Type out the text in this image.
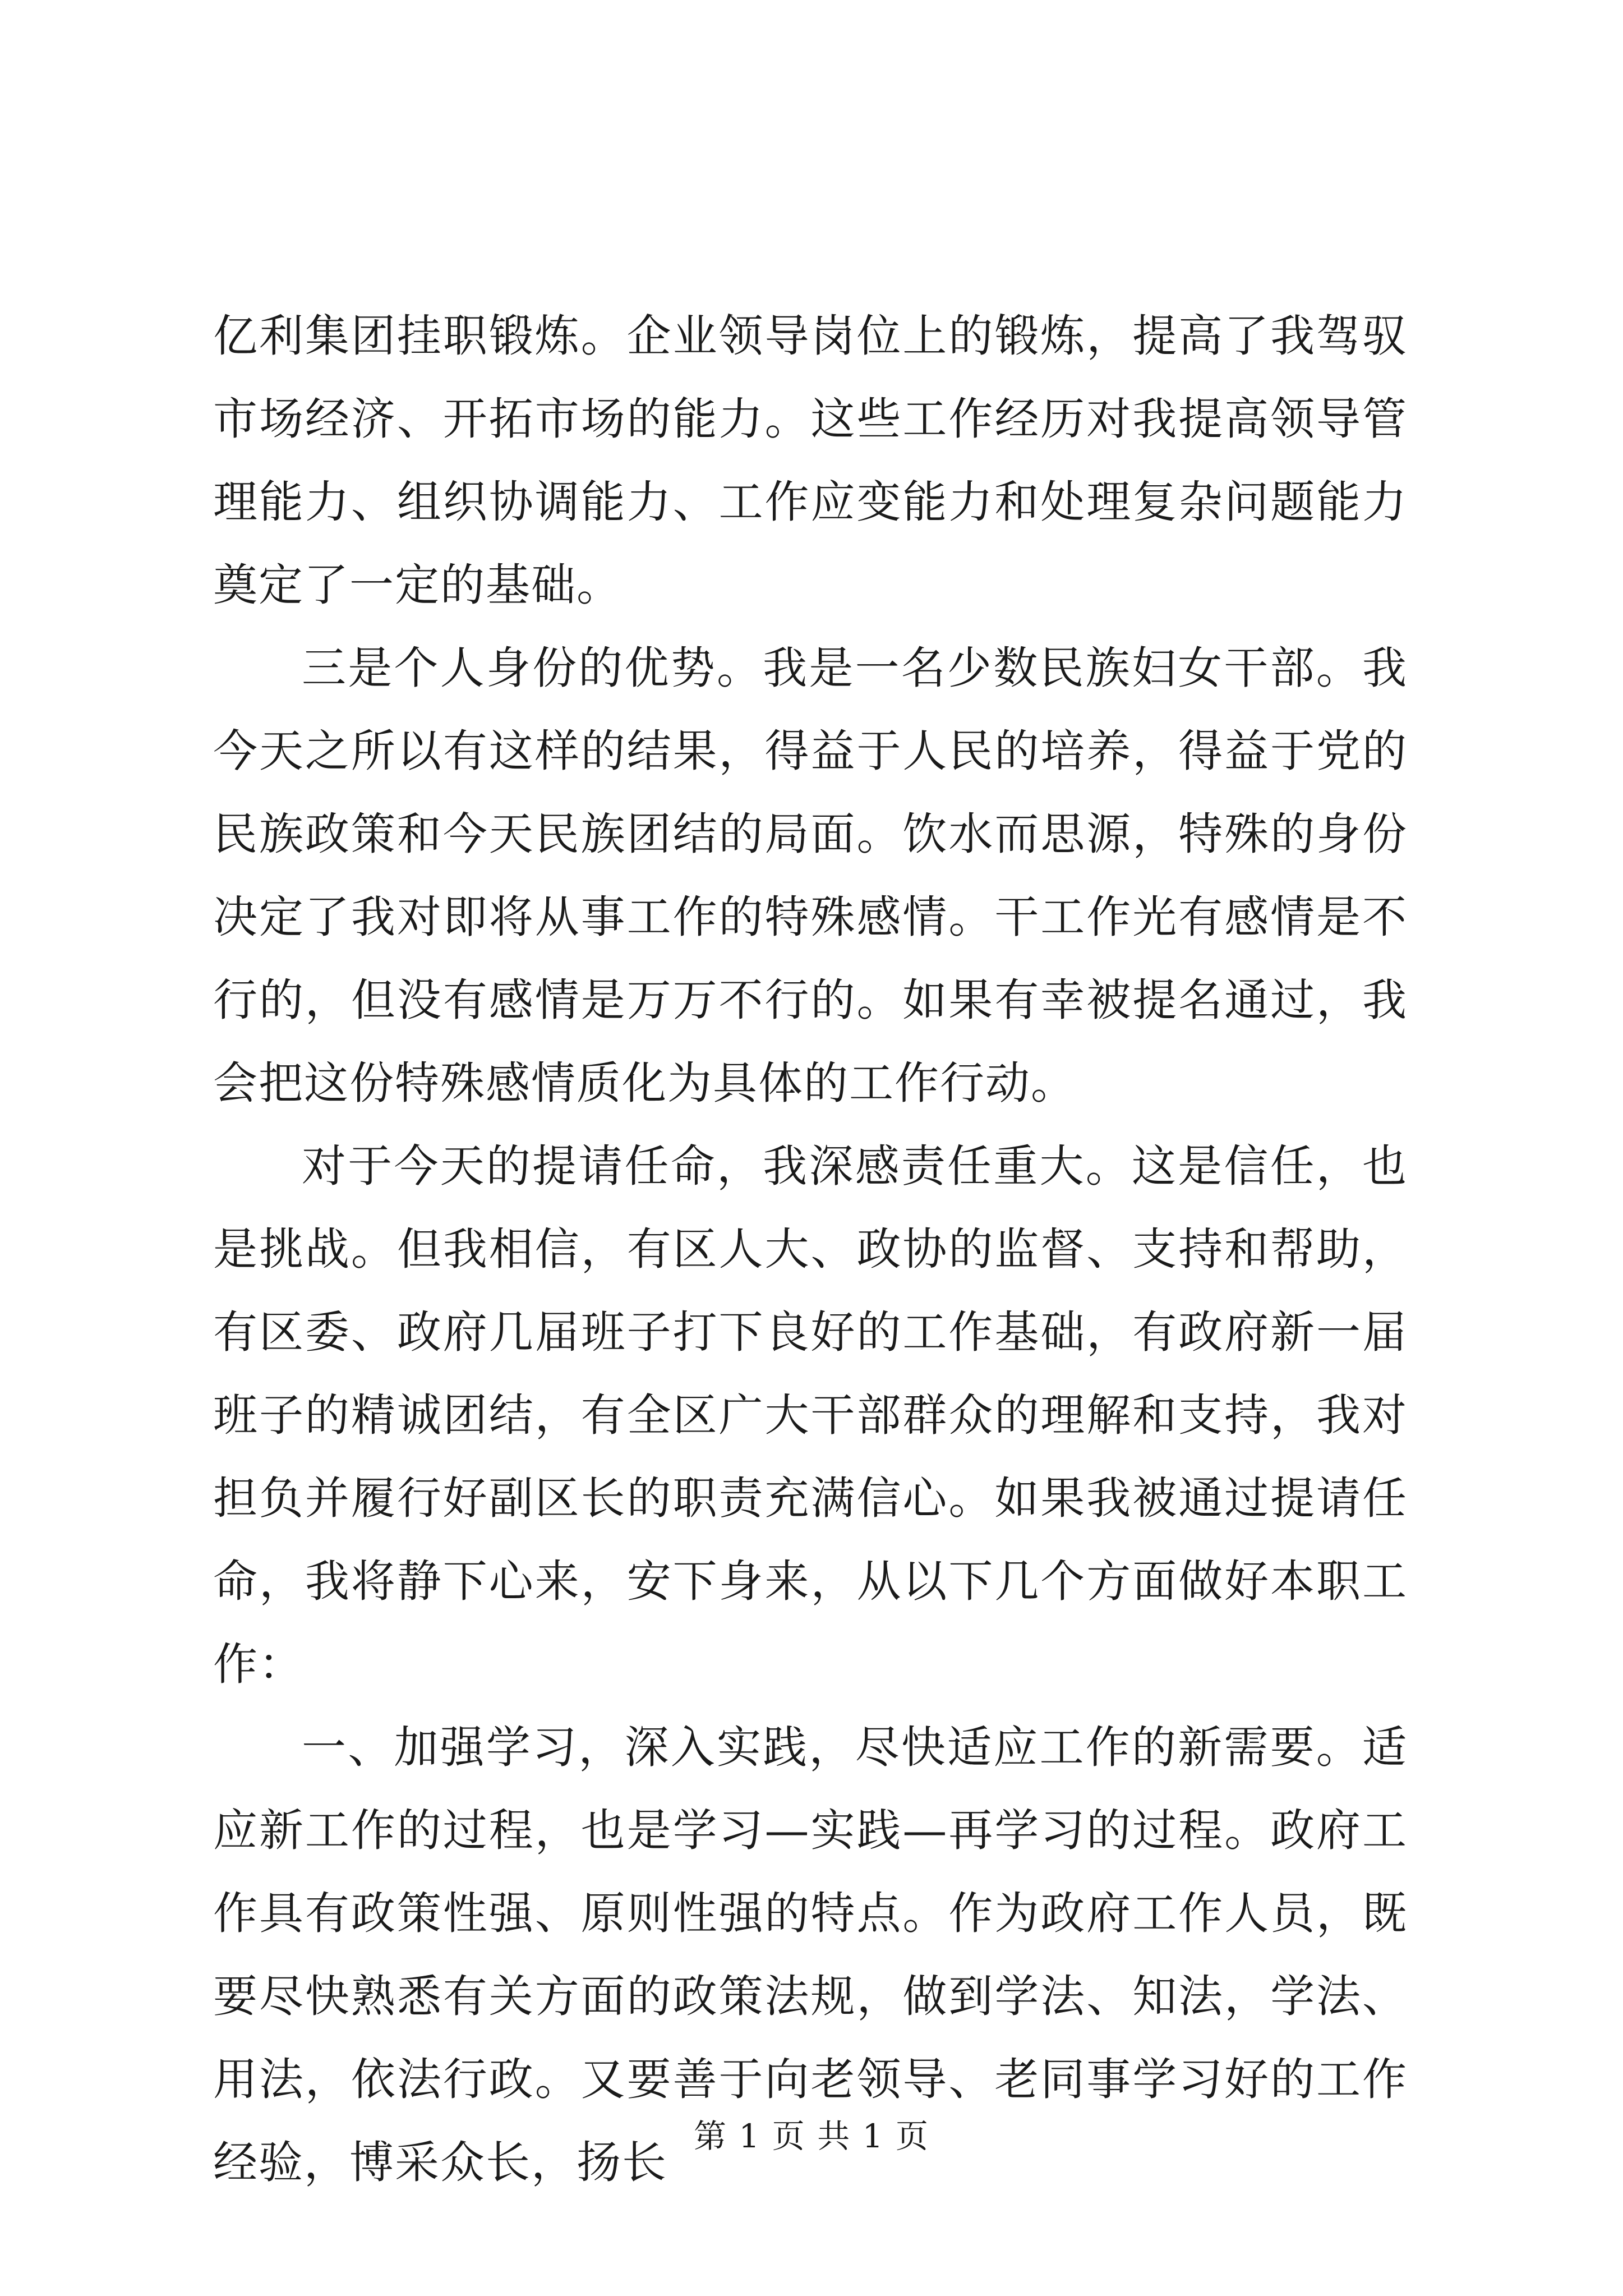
亿利集团挂职锻炼。企业领导岗位上的锻炼，提高了我驾驭市场经济、开拓市场的能力。这些工作经历对我提高领导管理能力、组织协调能力、工作应变能力和处理复杂问题能力奠定了一定的基础。

三是个人身份的优势。我是一名少数民族妇女干部。我今天之所以有这样的结果，得益于人民的培养，得益于党的民族政策和今天民族团结的局面。饮水而思源，特殊的身份决定了我对即将从事工作的特殊感情。干工作光有感情是不行的，但没有感情是万万不行的。如果有幸被提名通过，我会把这份特殊感情质化为具体的工作行动。

对于今天的提请任命，我深感责任重大。这是信任，也是挑战。但我相信，有区人大、政协的监督、支持和帮助，有区委、政府几届班子打下良好的工作基础，有政府新一届班子的精诚团结，有全区广大干部群众的理解和支持，我对担负并履行好副区长的职责充满信心。如果我被通过提请任命，我将静下心来，安下身来，从以下几个方面做好本职工作：

一、加强学习，深入实践，尽快适应工作的新需要。适应新工作的过程，也是学习—实践—再学习的过程。政府工作具有政策性强、原则性强的特点。作为政府工作人员，既要尽快熟悉有关方面的政策法规，做到学法、知法，学法、用法，依法行政。又要善于向老领导、老同事学习好的工作经验，博采众长，扬长

第 1 页 共 1 页
